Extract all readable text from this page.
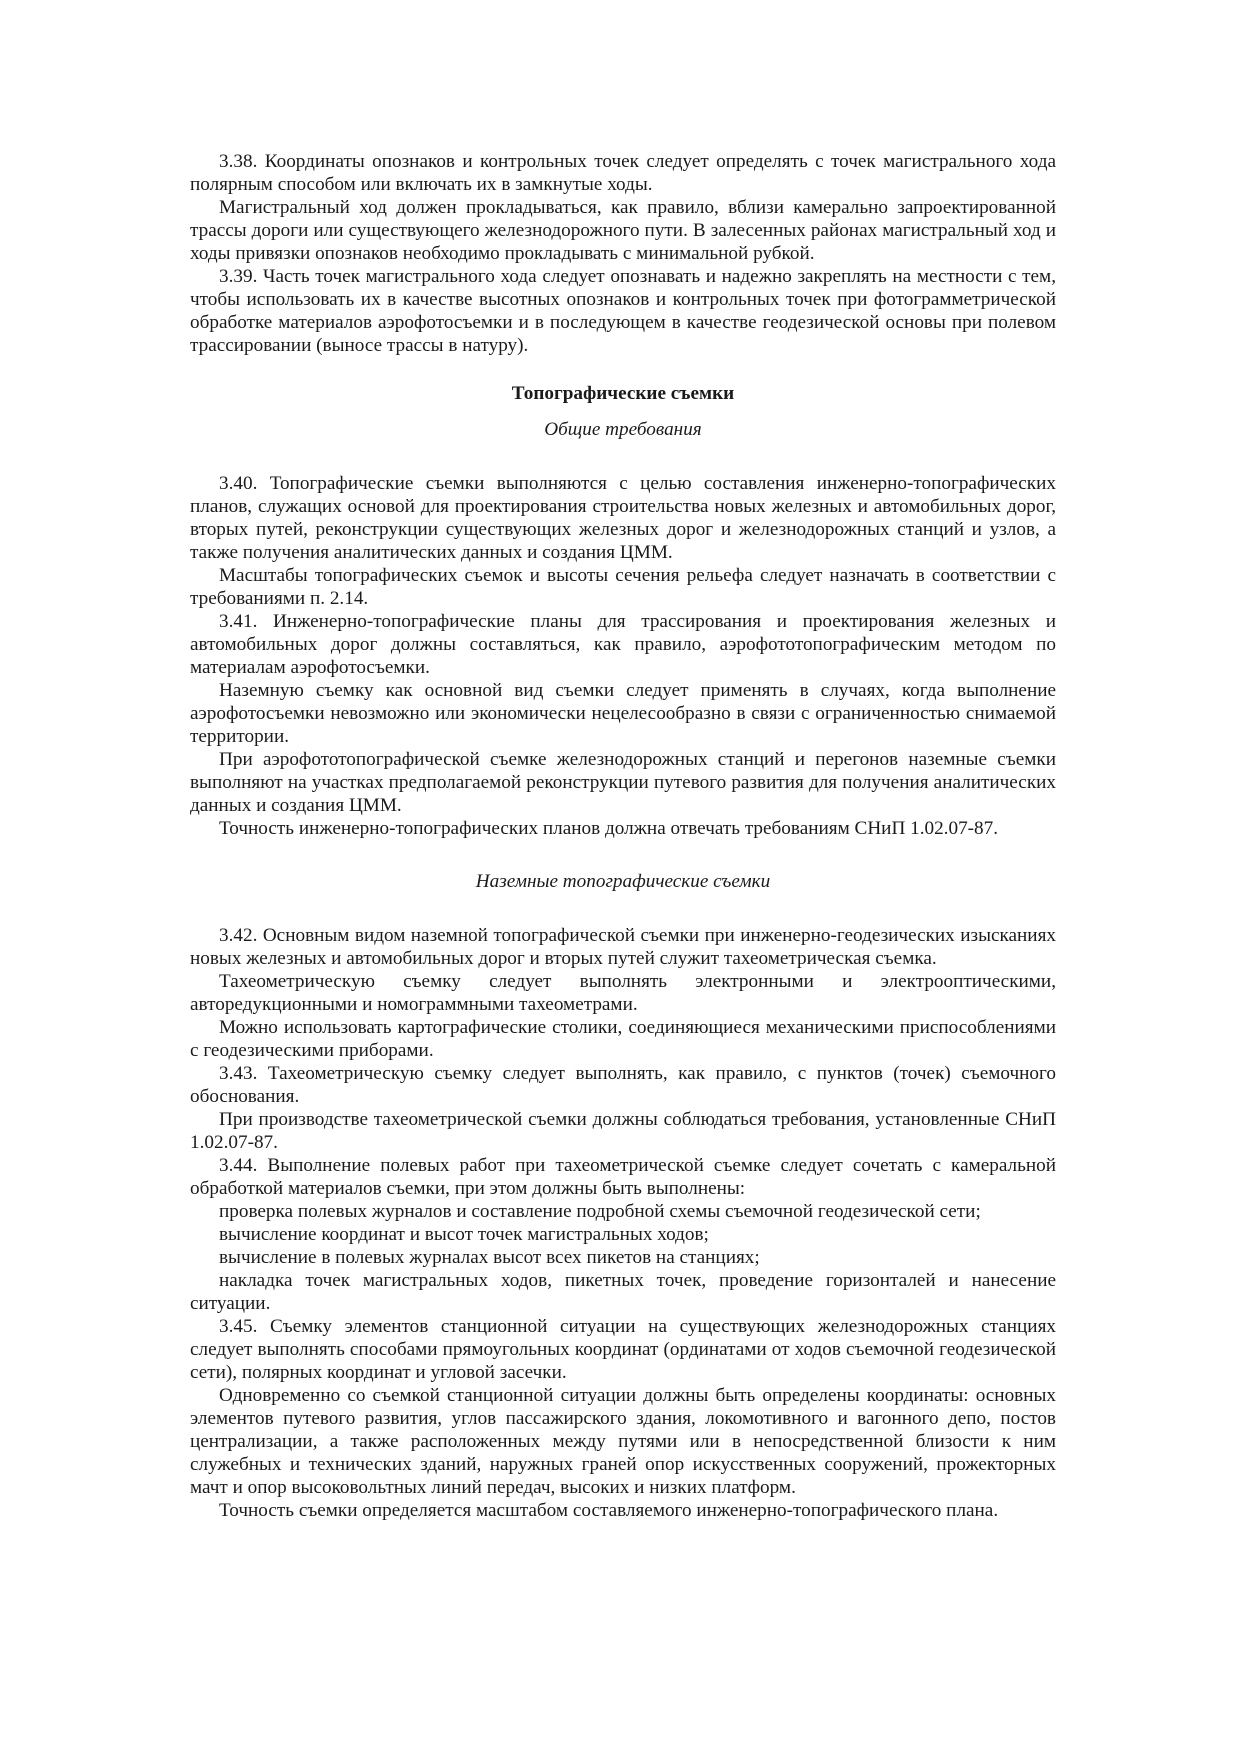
3.38. Координаты опознаков и контрольных точек следует определять с точек магистрального хода полярным способом или включать их в замкнутые ходы.

Магистральный ход должен прокладываться, как правило, вблизи камерально запроектированной трассы дороги или существующего железнодорожного пути. В залесенных районах магистральный ход и ходы привязки опознаков необходимо прокладывать с минимальной рубкой.

3.39. Часть точек магистрального хода следует опознавать и надежно закреплять на местности с тем, чтобы использовать их в качестве высотных опознаков и контрольных точек при фотограмметрической обработке материалов аэрофотосъемки и в последующем в качестве геодезической основы при полевом трассировании (выносе трассы в натуру).

Топографические съемки

Общие требования

3.40. Топографические съемки выполняются с целью составления инженерно-топографических планов, служащих основой для проектирования строительства новых железных и автомобильных дорог, вторых путей, реконструкции существующих железных дорог и железнодорожных станций и узлов, а также получения аналитических данных и создания ЦММ.

Масштабы топографических съемок и высоты сечения рельефа следует назначать в соответствии с требованиями п. 2.14.

3.41. Инженерно-топографические планы для трассирования и проектирования железных и автомобильных дорог должны составляться, как правило, аэрофототопографическим методом по материалам аэрофотосъемки.

Наземную съемку как основной вид съемки следует применять в случаях, когда выполнение аэрофотосъемки невозможно или экономически нецелесообразно в связи с ограниченностью снимаемой территории.

При аэрофототопографической съемке железнодорожных станций и перегонов наземные съемки выполняют на участках предполагаемой реконструкции путевого развития для получения аналитических данных и создания ЦММ.

Точность инженерно-топографических планов должна отвечать требованиям СНиП 1.02.07-87.

Наземные топографические съемки

3.42. Основным видом наземной топографической съемки при инженерно-геодезических изысканиях новых железных и автомобильных дорог и вторых путей служит тахеометрическая съемка.

Тахеометрическую съемку следует выполнять электронными и электрооптическими, авторедукционными и номограммными тахеометрами.

Можно использовать картографические столики, соединяющиеся механическими приспособлениями с геодезическими приборами.

3.43. Тахеометрическую съемку следует выполнять, как правило, с пунктов (точек) съемочного обоснования.

При производстве тахеометрической съемки должны соблюдаться требования, установленные СНиП 1.02.07-87.

3.44. Выполнение полевых работ при тахеометрической съемке следует сочетать с камеральной обработкой материалов съемки, при этом должны быть выполнены:

проверка полевых журналов и составление подробной схемы съемочной геодезической сети;

вычисление координат и высот точек магистральных ходов;

вычисление в полевых журналах высот всех пикетов на станциях;

накладка точек магистральных ходов, пикетных точек, проведение горизонталей и нанесение ситуации.

3.45. Съемку элементов станционной ситуации на существующих железнодорожных станциях следует выполнять способами прямоугольных координат (ординатами от ходов съемочной геодезической сети), полярных координат и угловой засечки.

Одновременно со съемкой станционной ситуации должны быть определены координаты: основных элементов путевого развития, углов пассажирского здания, локомотивного и вагонного депо, постов централизации, а также расположенных между путями или в непосредственной близости к ним служебных и технических зданий, наружных граней опор искусственных сооружений, прожекторных мачт и опор высоковольтных линий передач, высоких и низких платформ.

Точность съемки определяется масштабом составляемого инженерно-топографического плана.
